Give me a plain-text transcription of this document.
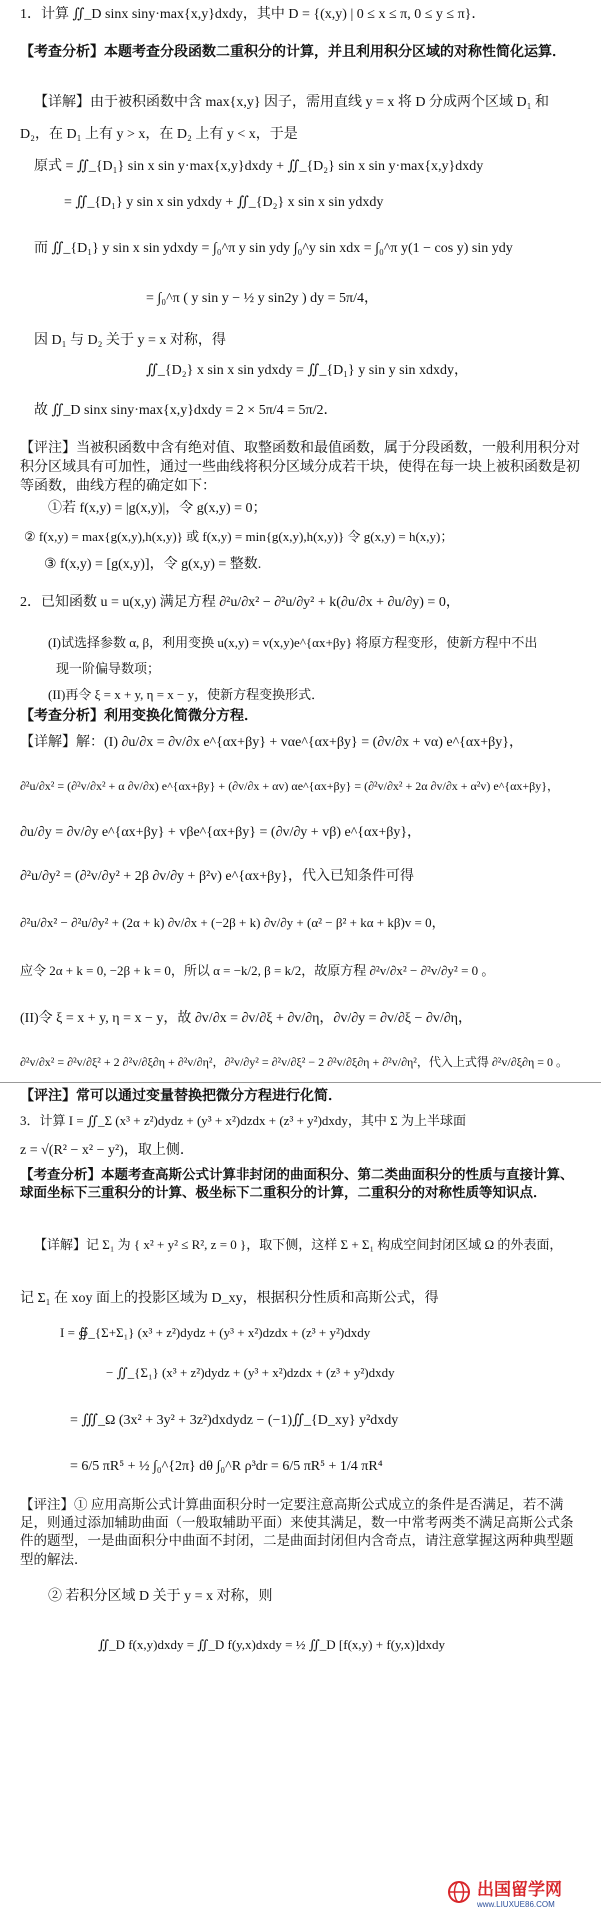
1．计算 ∬_D sinx siny·max{x,y}dxdy，其中 D = {(x,y) | 0 ≤ x ≤ π, 0 ≤ y ≤ π}．
【考查分析】本题考查分段函数二重积分的计算，并且利用积分区域的对称性简化运算．
【详解】由于被积函数中含 max{x,y} 因子，需用直线 y = x 将 D 分成两个区域 D₁ 和
D₂，在 D₁ 上有 y > x，在 D₂ 上有 y < x，于是
原式 = ∬_{D₁} sin x sin y·max{x,y}dxdy + ∬_{D₂} sin x sin y·max{x,y}dxdy
= ∬_{D₁} y sin x sin ydxdy + ∬_{D₂} x sin x sin ydxdy
而 ∬_{D₁} y sin x sin ydxdy = ∫₀^π y sin ydy ∫₀^y sin xdx = ∫₀^π y(1 − cos y) sin ydy
= ∫₀^π ( y sin y − ½ y sin2y ) dy = 5π/4，
因 D₁ 与 D₂ 关于 y = x 对称，得
∬_{D₂} x sin x sin ydxdy = ∬_{D₁} y sin y sin xdxdy，
故 ∬_D sinx siny·max{x,y}dxdy = 2 × 5π/4 = 5π/2．
【评注】当被积函数中含有绝对值、取整函数和最值函数，属于分段函数，一般利用积分对积分区域具有可加性，通过一些曲线将积分区域分成若干块，使得在每一块上被积函数是初等函数，曲线方程的确定如下：
①若 f(x,y) = |g(x,y)|，令 g(x,y) = 0；
② f(x,y) = max{g(x,y),h(x,y)} 或 f(x,y) = min{g(x,y),h(x,y)} 令 g(x,y) = h(x,y)；
③ f(x,y) = [g(x,y)]，令 g(x,y) = 整数.
2．已知函数 u = u(x,y) 满足方程 ∂²u/∂x² − ∂²u/∂y² + k(∂u/∂x + ∂u/∂y) = 0，
(I)试选择参数 α, β，利用变换 u(x,y) = v(x,y)e^{αx+βy} 将原方程变形，使新方程中不出
现一阶偏导数项；
(II)再令 ξ = x + y, η = x − y，使新方程变换形式．
【考查分析】利用变换化简微分方程．
【详解】解：(I) ∂u/∂x = ∂v/∂x e^{αx+βy} + vαe^{αx+βy} = (∂v/∂x + vα) e^{αx+βy}，
∂²u/∂x² = (∂²v/∂x² + α ∂v/∂x) e^{αx+βy} + (∂v/∂x + αv) αe^{αx+βy} = (∂²v/∂x² + 2α ∂v/∂x + α²v) e^{αx+βy}，
∂u/∂y = ∂v/∂y e^{αx+βy} + vβe^{αx+βy} = (∂v/∂y + vβ) e^{αx+βy}，
∂²u/∂y² = (∂²v/∂y² + 2β ∂v/∂y + β²v) e^{αx+βy}，代入已知条件可得
∂²u/∂x² − ∂²u/∂y² + (2α + k) ∂v/∂x + (−2β + k) ∂v/∂y + (α² − β² + kα + kβ)v = 0，
应令 2α + k = 0, −2β + k = 0，所以 α = −k/2, β = k/2，故原方程 ∂²v/∂x² − ∂²v/∂y² = 0 。
(II)令 ξ = x + y, η = x − y，故 ∂v/∂x = ∂v/∂ξ + ∂v/∂η，∂v/∂y = ∂v/∂ξ − ∂v/∂η，
∂²v/∂x² = ∂²v/∂ξ² + 2 ∂²v/∂ξ∂η + ∂²v/∂η²，∂²v/∂y² = ∂²v/∂ξ² − 2 ∂²v/∂ξ∂η + ∂²v/∂η²，代入上式得 ∂²v/∂ξ∂η = 0 。
【评注】常可以通过变量替换把微分方程进行化简．
3．计算 I = ∬_Σ (x³ + z²)dydz + (y³ + x²)dzdx + (z³ + y²)dxdy，其中 Σ 为上半球面
z = √(R² − x² − y²)，取上侧．
【考查分析】本题考查高斯公式计算非封闭的曲面积分、第二类曲面积分的性质与直接计算、球面坐标下三重积分的计算、极坐标下二重积分的计算，二重积分的对称性质等知识点．
【详解】记 Σ₁ 为 { x² + y² ≤ R², z = 0 }，取下侧，这样 Σ + Σ₁ 构成空间封闭区域 Ω 的外表面，
记 Σ₁ 在 xoy 面上的投影区域为 D_xy，根据积分性质和高斯公式，得
I = ∯_{Σ+Σ₁} (x³ + z²)dydz + (y³ + x²)dzdx + (z³ + y²)dxdy
− ∬_{Σ₁} (x³ + z²)dydz + (y³ + x²)dzdx + (z³ + y²)dxdy
= ∭_Ω (3x² + 3y² + 3z²)dxdydz − (−1)∬_{D_xy} y²dxdy
= 6/5 πR⁵ + ½ ∫₀^{2π} dθ ∫₀^R ρ³dr = 6/5 πR⁵ + 1/4 πR⁴
【评注】① 应用高斯公式计算曲面积分时一定要注意高斯公式成立的条件是否满足，若不满足，则通过添加辅助曲面（一般取辅助平面）来使其满足，数一中常考两类不满足高斯公式条件的题型，一是曲面积分中曲面不封闭，二是曲面封闭但内含奇点，请注意掌握这两种典型题型的解法．
② 若积分区域 D 关于 y = x 对称，则
∬_D f(x,y)dxdy = ∬_D f(y,x)dxdy = ½ ∬_D [f(x,y) + f(y,x)]dxdy
出国留学网
www.LIUXUE86.COM
